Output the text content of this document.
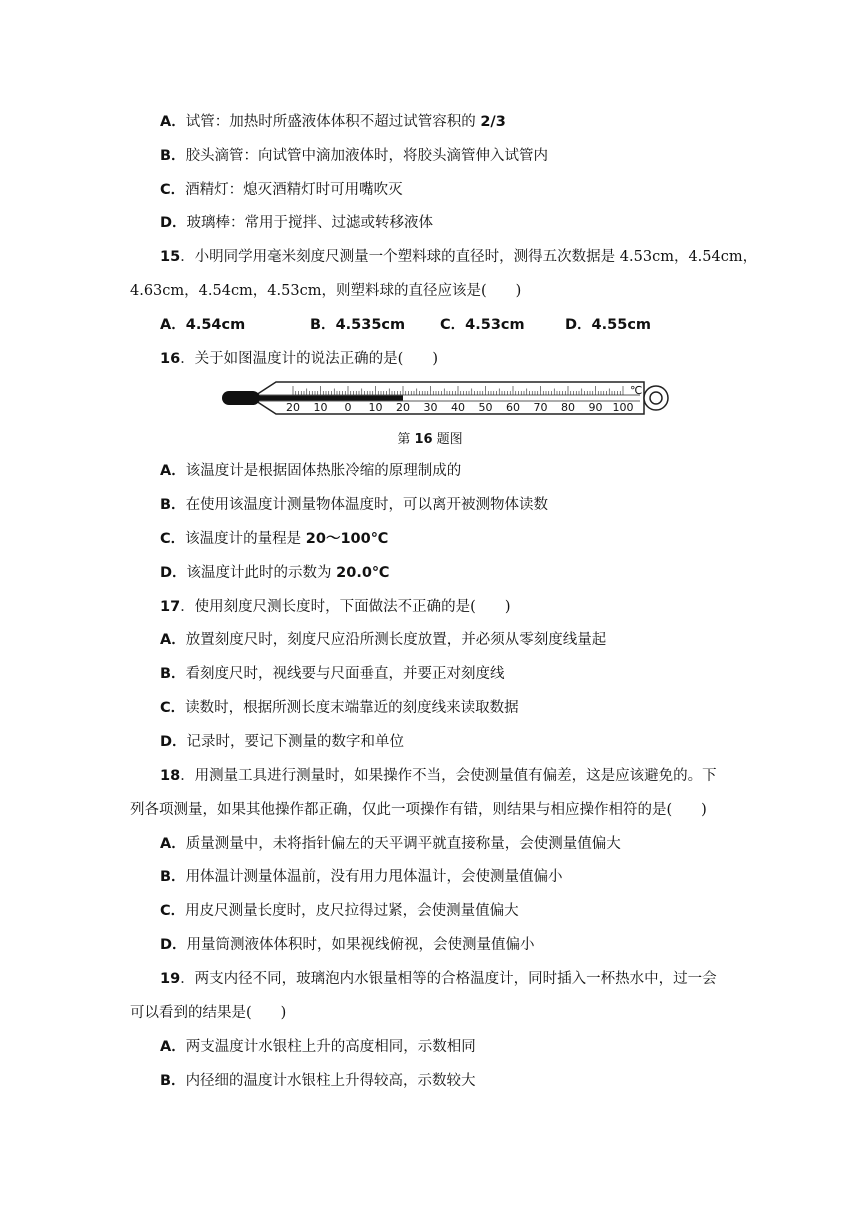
A．试管：加热时所盛液体体积不超过试管容积的 2/3
B．胶头滴管：向试管中滴加液体时，将胶头滴管伸入试管内
C．酒精灯：熄灭酒精灯时可用嘴吹灭
D．玻璃棒：常用于搅拌、过滤或转移液体
15．小明同学用毫米刻度尺测量一个塑料球的直径时，测得五次数据是 4.53cm，4.54cm，
4.63cm，4.54cm，4.53cm，则塑料球的直径应该是(　　)
A．4.54cm	B．4.535cm C．4.53cm	D．4.55cm
16．关于如图温度计的说法正确的是(　　)
20 10 0 10 20 30 40 50 60 70 80 90 100
℃
第 16 题图
A．该温度计是根据固体热胀冷缩的原理制成的
B．在使用该温度计测量物体温度时，可以离开被测物体读数
C．该温度计的量程是 20～100℃
D．该温度计此时的示数为 20.0℃
17．使用刻度尺测长度时，下面做法不正确的是(　　)
A．放置刻度尺时，刻度尺应沿所测长度放置，并必须从零刻度线量起
B．看刻度尺时，视线要与尺面垂直，并要正对刻度线
C．读数时，根据所测长度末端靠近的刻度线来读取数据
D．记录时，要记下测量的数字和单位
18．用测量工具进行测量时，如果操作不当，会使测量值有偏差，这是应该避免的。下
列各项测量，如果其他操作都正确，仅此一项操作有错，则结果与相应操作相符的是(　　)
A．质量测量中，未将指针偏左的天平调平就直接称量，会使测量值偏大
B．用体温计测量体温前，没有用力甩体温计，会使测量值偏小
C．用皮尺测量长度时，皮尺拉得过紧，会使测量值偏大
D．用量筒测液体体积时，如果视线俯视，会使测量值偏小
19．两支内径不同，玻璃泡内水银量相等的合格温度计，同时插入一杯热水中，过一会
可以看到的结果是(　　)
A．两支温度计水银柱上升的高度相同，示数相同
B．内径细的温度计水银柱上升得较高，示数较大
